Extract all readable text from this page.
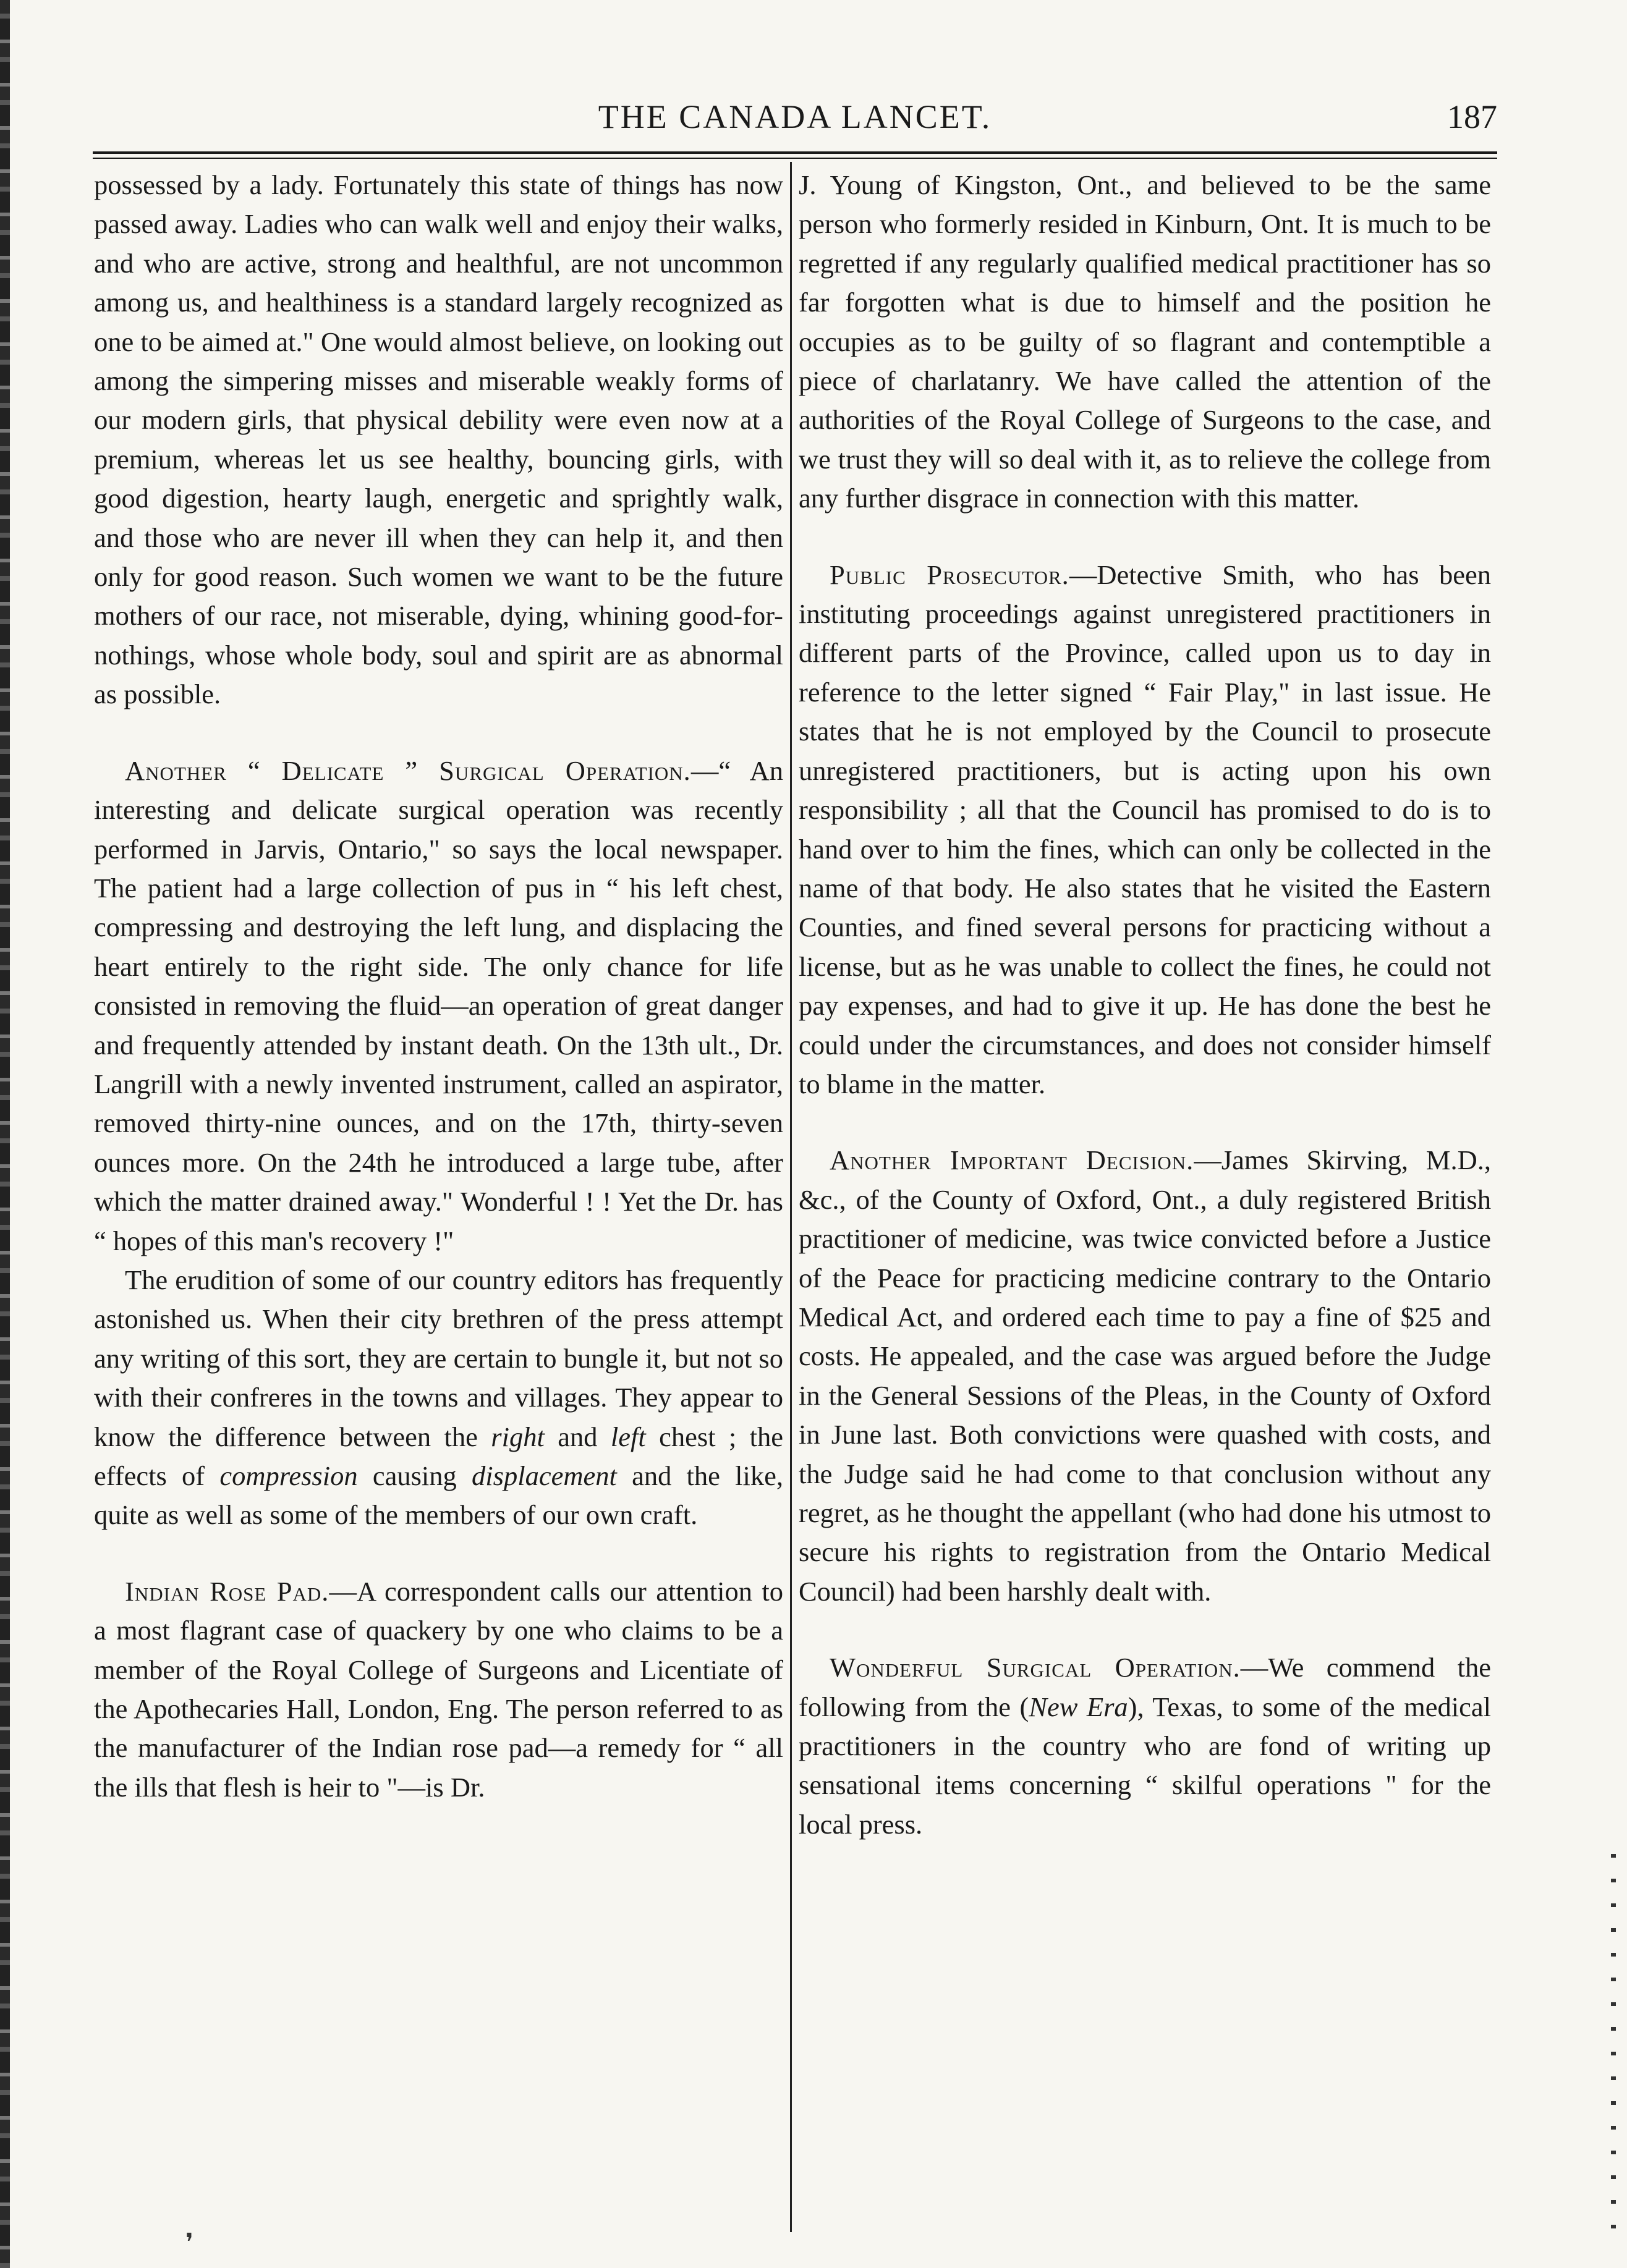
THE CANADA LANCET.	187

possessed by a lady. Fortunately this state of things has now passed away. Ladies who can walk well and enjoy their walks, and who are active, strong and healthful, are not uncommon among us, and healthiness is a standard largely recognized as one to be aimed at." One would almost believe, on looking out among the simpering misses and miserable weakly forms of our modern girls, that physical debility were even now at a premium, whereas let us see healthy, bouncing girls, with good digestion, hearty laugh, energetic and sprightly walk, and those who are never ill when they can help it, and then only for good reason. Such women we want to be the future mothers of our race, not miserable, dying, whining good-for-nothings, whose whole body, soul and spirit are as abnormal as possible.

Another “ Delicate ” Surgical Operation.—“ An interesting and delicate surgical operation was recently performed in Jarvis, Ontario," so says the local newspaper. The patient had a large collection of pus in “ his left chest, compressing and destroying the left lung, and displacing the heart entirely to the right side. The only chance for life consisted in removing the fluid—an operation of great danger and frequently attended by instant death. On the 13th ult., Dr. Langrill with a newly invented instrument, called an aspirator, removed thirty-nine ounces, and on the 17th, thirty-seven ounces more. On the 24th he introduced a large tube, after which the matter drained away." Wonderful ! ! Yet the Dr. has “ hopes of this man's recovery !"

The erudition of some of our country editors has frequently astonished us. When their city brethren of the press attempt any writing of this sort, they are certain to bungle it, but not so with their confreres in the towns and villages. They appear to know the difference between the right and left chest ; the effects of compression causing displacement and the like, quite as well as some of the members of our own craft.

Indian Rose Pad.—A correspondent calls our attention to a most flagrant case of quackery by one who claims to be a member of the Royal College of Surgeons and Licentiate of the Apothecaries Hall, London, Eng. The person referred to as the manufacturer of the Indian rose pad—a remedy for “ all the ills that flesh is heir to "—is Dr.

J. Young of Kingston, Ont., and believed to be the same person who formerly resided in Kinburn, Ont. It is much to be regretted if any regularly qualified medical practitioner has so far forgotten what is due to himself and the position he occupies as to be guilty of so flagrant and contemptible a piece of charlatanry. We have called the attention of the authorities of the Royal College of Surgeons to the case, and we trust they will so deal with it, as to relieve the college from any further disgrace in connection with this matter.

Public Prosecutor.—Detective Smith, who has been instituting proceedings against unregistered practitioners in different parts of the Province, called upon us to day in reference to the letter signed “ Fair Play," in last issue. He states that he is not employed by the Council to prosecute unregistered practitioners, but is acting upon his own responsibility ; all that the Council has promised to do is to hand over to him the fines, which can only be collected in the name of that body. He also states that he visited the Eastern Counties, and fined several persons for practicing without a license, but as he was unable to collect the fines, he could not pay expenses, and had to give it up. He has done the best he could under the circumstances, and does not consider himself to blame in the matter.

Another Important Decision.—James Skirving, M.D., &c., of the County of Oxford, Ont., a duly registered British practitioner of medicine, was twice convicted before a Justice of the Peace for practicing medicine contrary to the Ontario Medical Act, and ordered each time to pay a fine of $25 and costs. He appealed, and the case was argued before the Judge in the General Sessions of the Pleas, in the County of Oxford in June last. Both convictions were quashed with costs, and the Judge said he had come to that conclusion without any regret, as he thought the appellant (who had done his utmost to secure his rights to registration from the Ontario Medical Council) had been harshly dealt with.

Wonderful Surgical Operation.—We commend the following from the (New Era), Texas, to some of the medical practitioners in the country who are fond of writing up sensational items concerning “ skilful operations " for the local press.

❜
